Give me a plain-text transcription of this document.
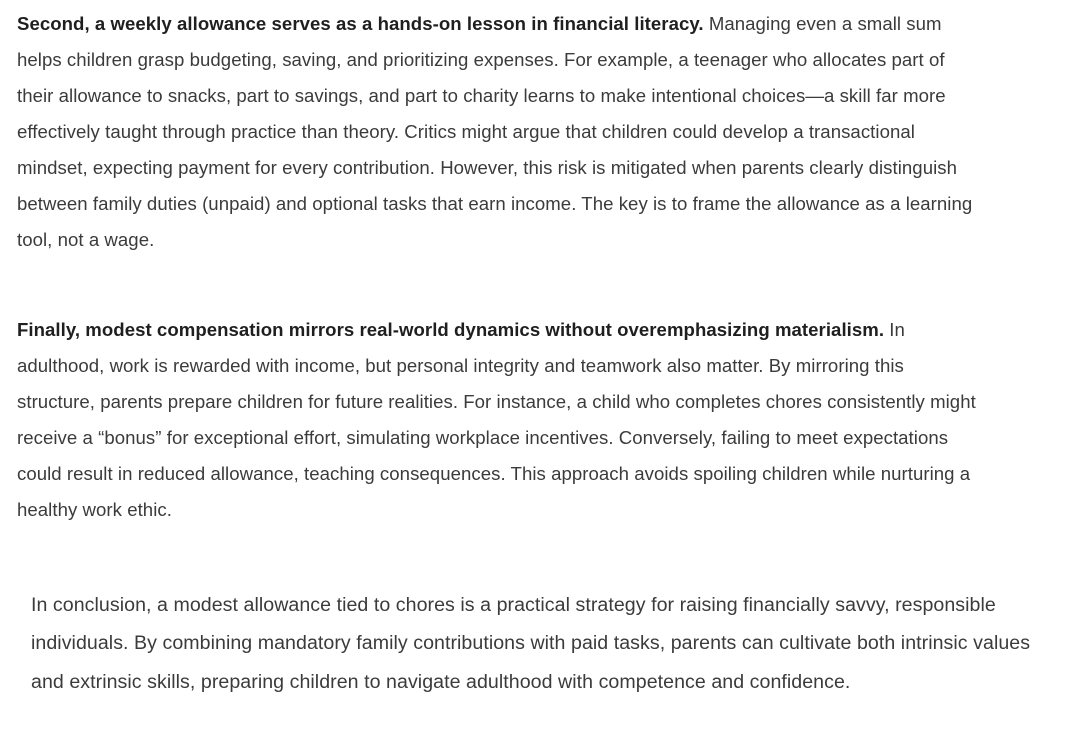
Second, a weekly allowance serves as a hands-on lesson in financial literacy. Managing even a small sum helps children grasp budgeting, saving, and prioritizing expenses. For example, a teenager who allocates part of their allowance to snacks, part to savings, and part to charity learns to make intentional choices—a skill far more effectively taught through practice than theory. Critics might argue that children could develop a transactional mindset, expecting payment for every contribution. However, this risk is mitigated when parents clearly distinguish between family duties (unpaid) and optional tasks that earn income. The key is to frame the allowance as a learning tool, not a wage.

Finally, modest compensation mirrors real-world dynamics without overemphasizing materialism. In adulthood, work is rewarded with income, but personal integrity and teamwork also matter. By mirroring this structure, parents prepare children for future realities. For instance, a child who completes chores consistently might receive a “bonus” for exceptional effort, simulating workplace incentives. Conversely, failing to meet expectations could result in reduced allowance, teaching consequences. This approach avoids spoiling children while nurturing a healthy work ethic.

In conclusion, a modest allowance tied to chores is a practical strategy for raising financially savvy, responsible individuals. By combining mandatory family contributions with paid tasks, parents can cultivate both intrinsic values and extrinsic skills, preparing children to navigate adulthood with competence and confidence.
